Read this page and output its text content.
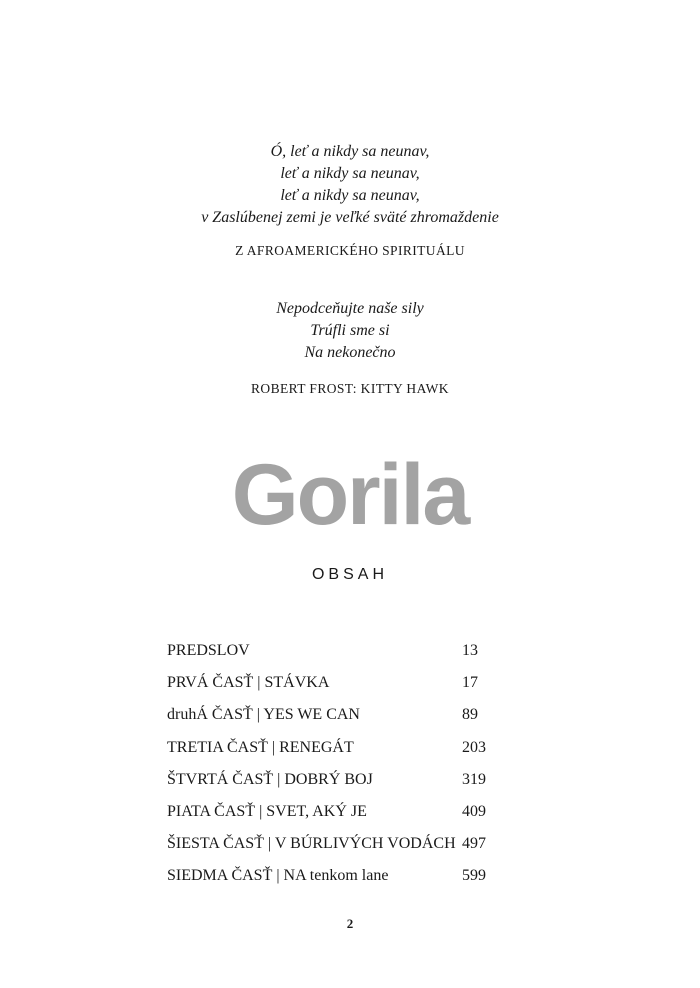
Ó, leť a nikdy sa neunav,
leť a nikdy sa neunav,
leť a nikdy sa neunav,
v Zaslúbenej zemi je veľké sväté zhromaždenie
Z AFROAMERICKÉHO SPIRITUÁLU
Nepodceňujte naše sily
Trúfli sme si
Na nekonečno
ROBERT FROST: KITTY HAWK
Gorila
OBSAH
PREDSLOV	13
PRVÁ ČASŤ | STÁVKA	17
druhÁ ČASŤ | YES WE CAN	89
TRETIA ČASŤ | RENEGÁT	203
ŠTVRTÁ ČASŤ | DOBRÝ BOJ	319
PIATA ČASŤ | SVET, AKÝ JE	409
ŠIESTA ČASŤ | V BÚRLIVÝCH VODÁCH 497
SIEDMA ČASŤ | NA tenkom lane	599
2
